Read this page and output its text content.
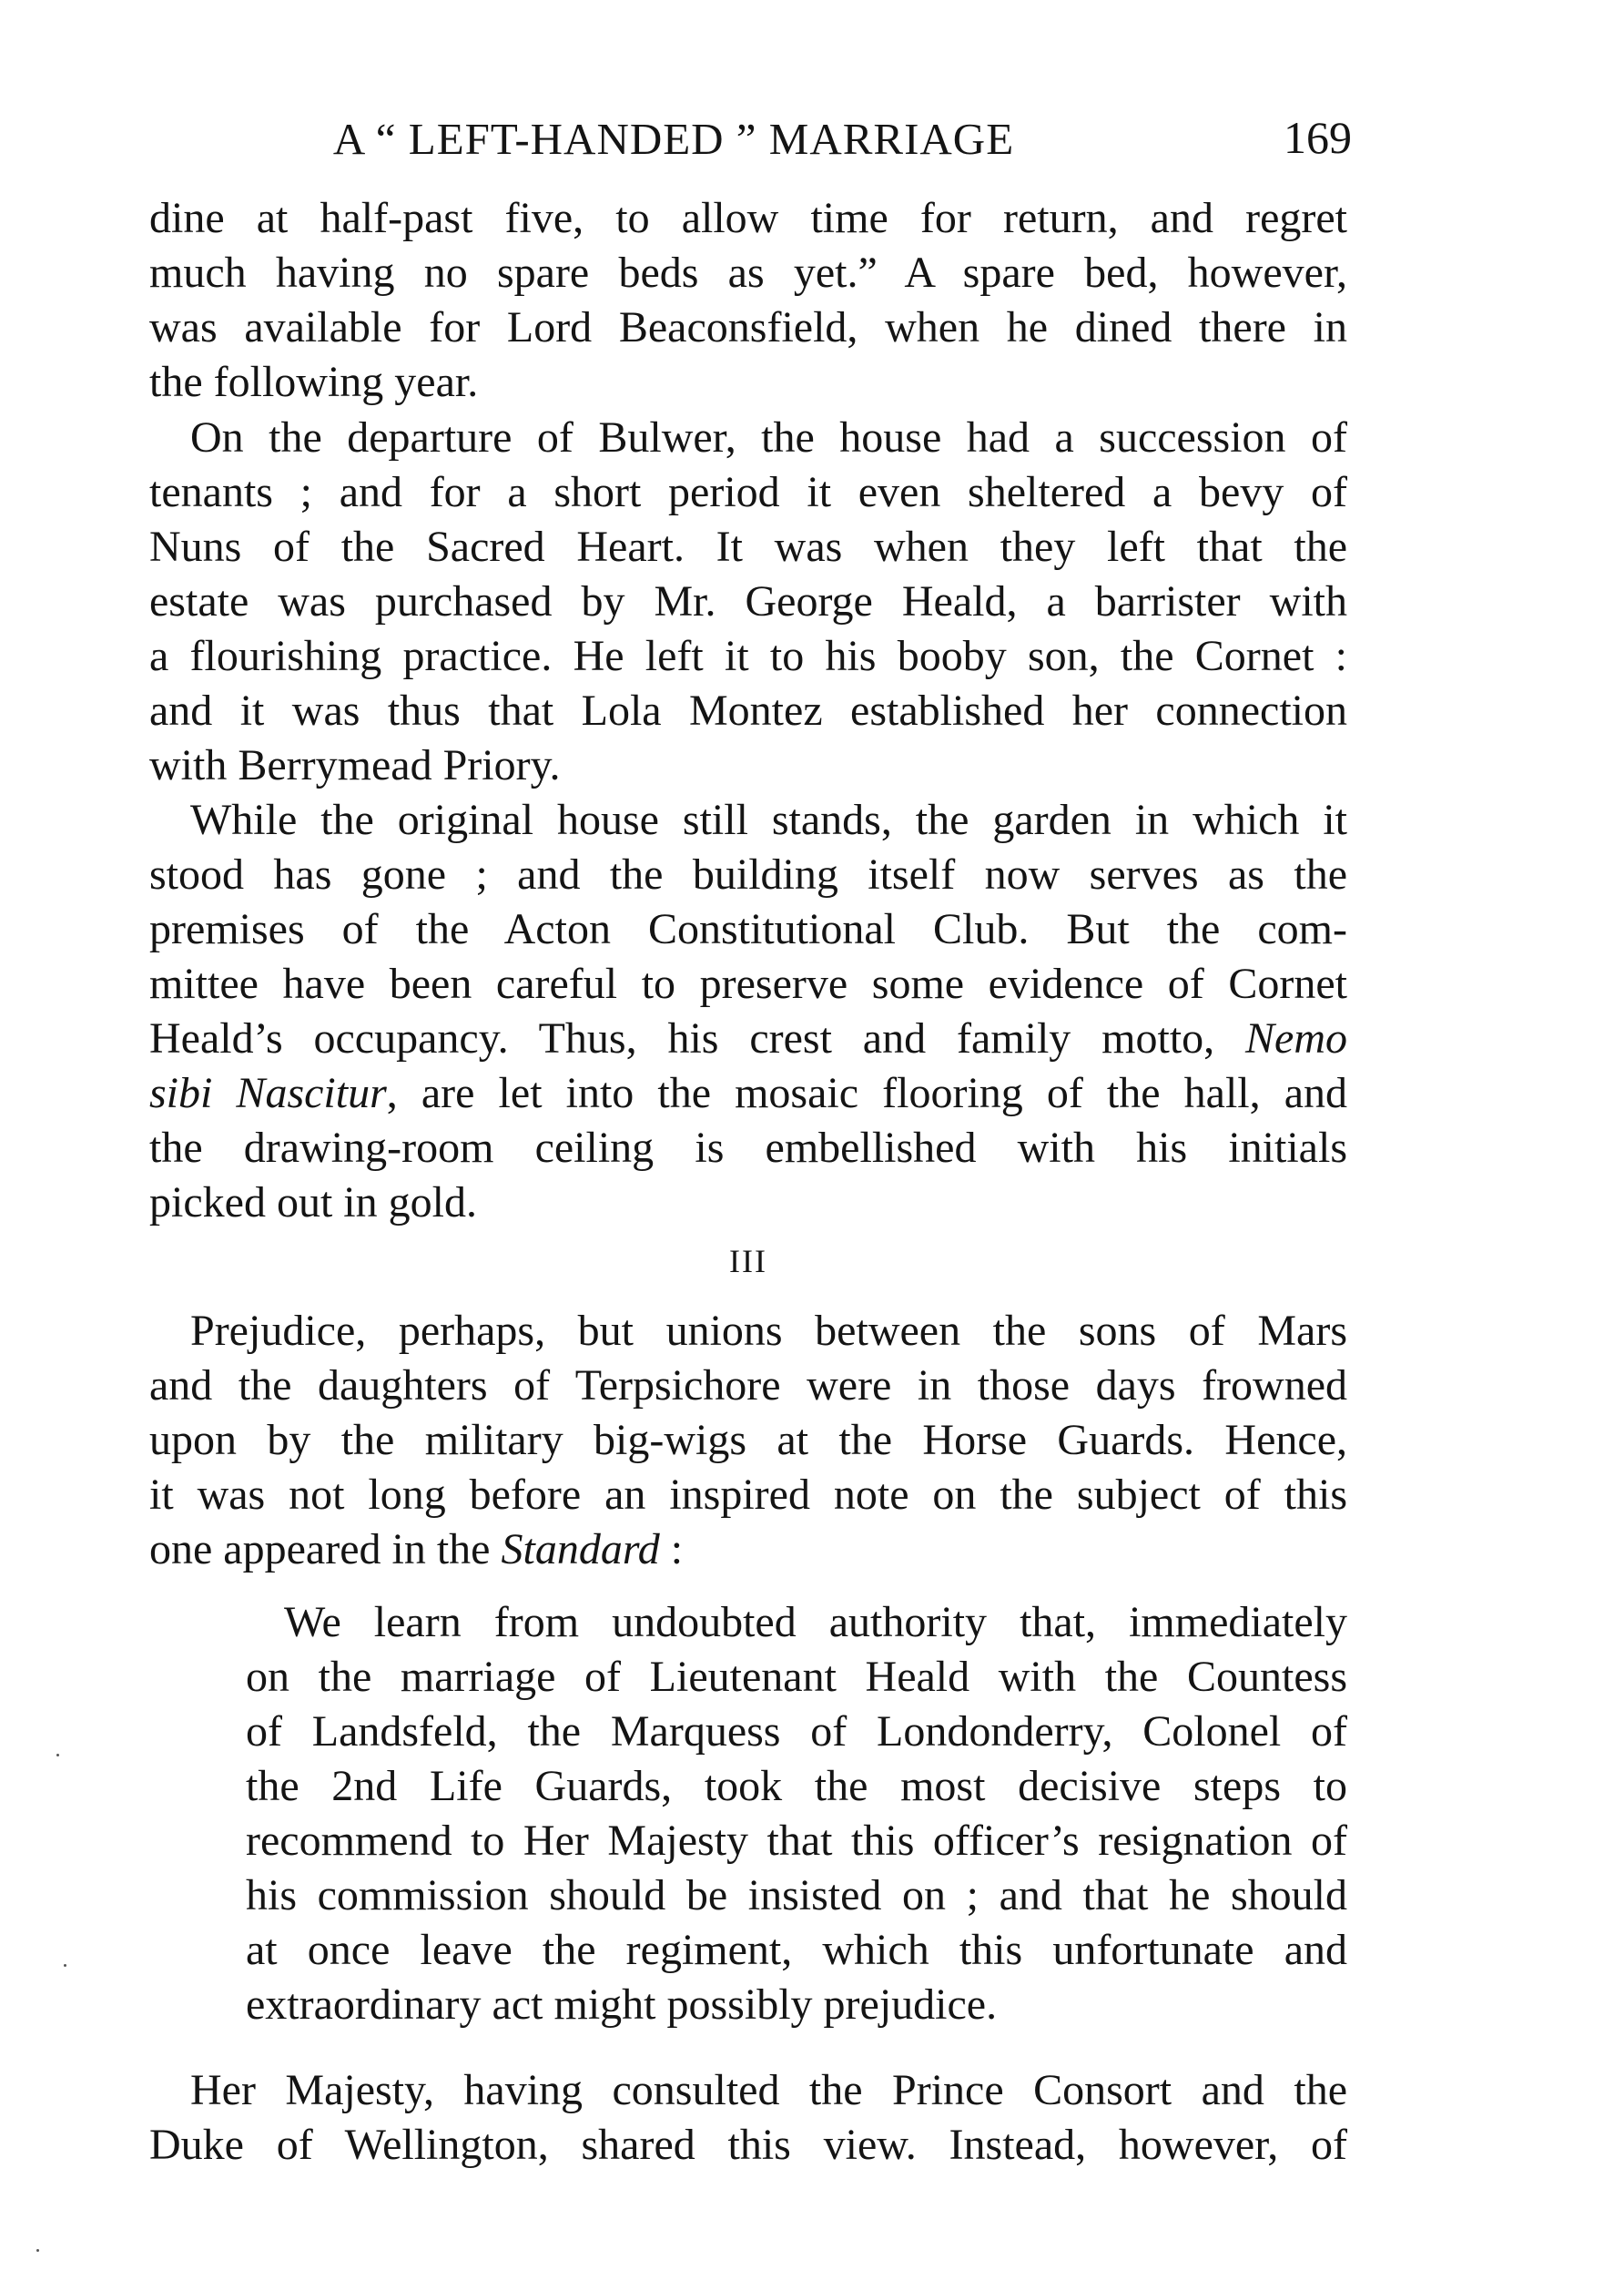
A “ LEFT-HANDED ” MARRIAGE	169
dine at half-past five, to allow time for return, and regret
much having no spare beds as yet.” A spare bed, however,
was available for Lord Beaconsfield, when he dined there in
the following year.
On the departure of Bulwer, the house had a succession of
tenants ; and for a short period it even sheltered a bevy of
Nuns of the Sacred Heart. It was when they left that the
estate was purchased by Mr. George Heald, a barrister with
a flourishing practice. He left it to his booby son, the Cornet :
and it was thus that Lola Montez established her connection
with Berrymead Priory.
While the original house still stands, the garden in which it
stood has gone ; and the building itself now serves as the
premises of the Acton Constitutional Club. But the com-
mittee have been careful to preserve some evidence of Cornet
Heald’s occupancy. Thus, his crest and family motto, Nemo
sibi Nascitur, are let into the mosaic flooring of the hall, and
the drawing-room ceiling is embellished with his initials
picked out in gold.
III
Prejudice, perhaps, but unions between the sons of Mars
and the daughters of Terpsichore were in those days frowned
upon by the military big-wigs at the Horse Guards. Hence,
it was not long before an inspired note on the subject of this
one appeared in the Standard :
We learn from undoubted authority that, immediately
on the marriage of Lieutenant Heald with the Countess
of Landsfeld, the Marquess of Londonderry, Colonel of
the 2nd Life Guards, took the most decisive steps to
recommend to Her Majesty that this officer’s resignation of
his commission should be insisted on ; and that he should
at once leave the regiment, which this unfortunate and
extraordinary act might possibly prejudice.
Her Majesty, having consulted the Prince Consort and the
Duke of Wellington, shared this view. Instead, however, of
